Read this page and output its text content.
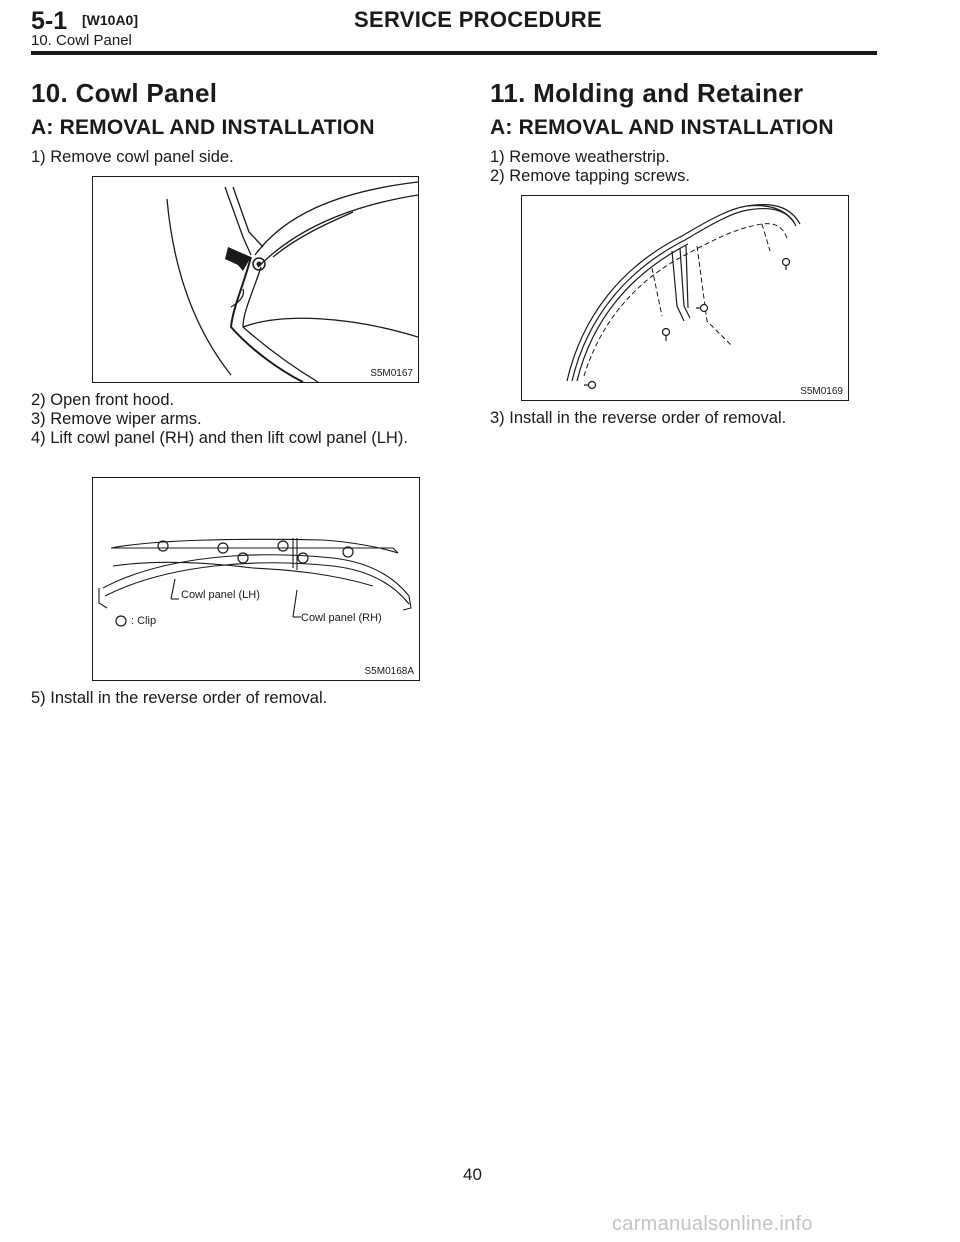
5-1 [W10A0]	SERVICE PROCEDURE
10. Cowl Panel
10. Cowl Panel
A: REMOVAL AND INSTALLATION
1) Remove cowl panel side.
S5M0167
2) Open front hood.
3) Remove wiper arms.
4) Lift cowl panel (RH) and then lift cowl panel (LH).
Cowl panel (LH)
Cowl panel (RH)
: Clip
S5M0168A
5) Install in the reverse order of removal.
11. Molding and Retainer
A: REMOVAL AND INSTALLATION
1) Remove weatherstrip.
2) Remove tapping screws.
S5M0169
3) Install in the reverse order of removal.
40
carmanualsonline.info
